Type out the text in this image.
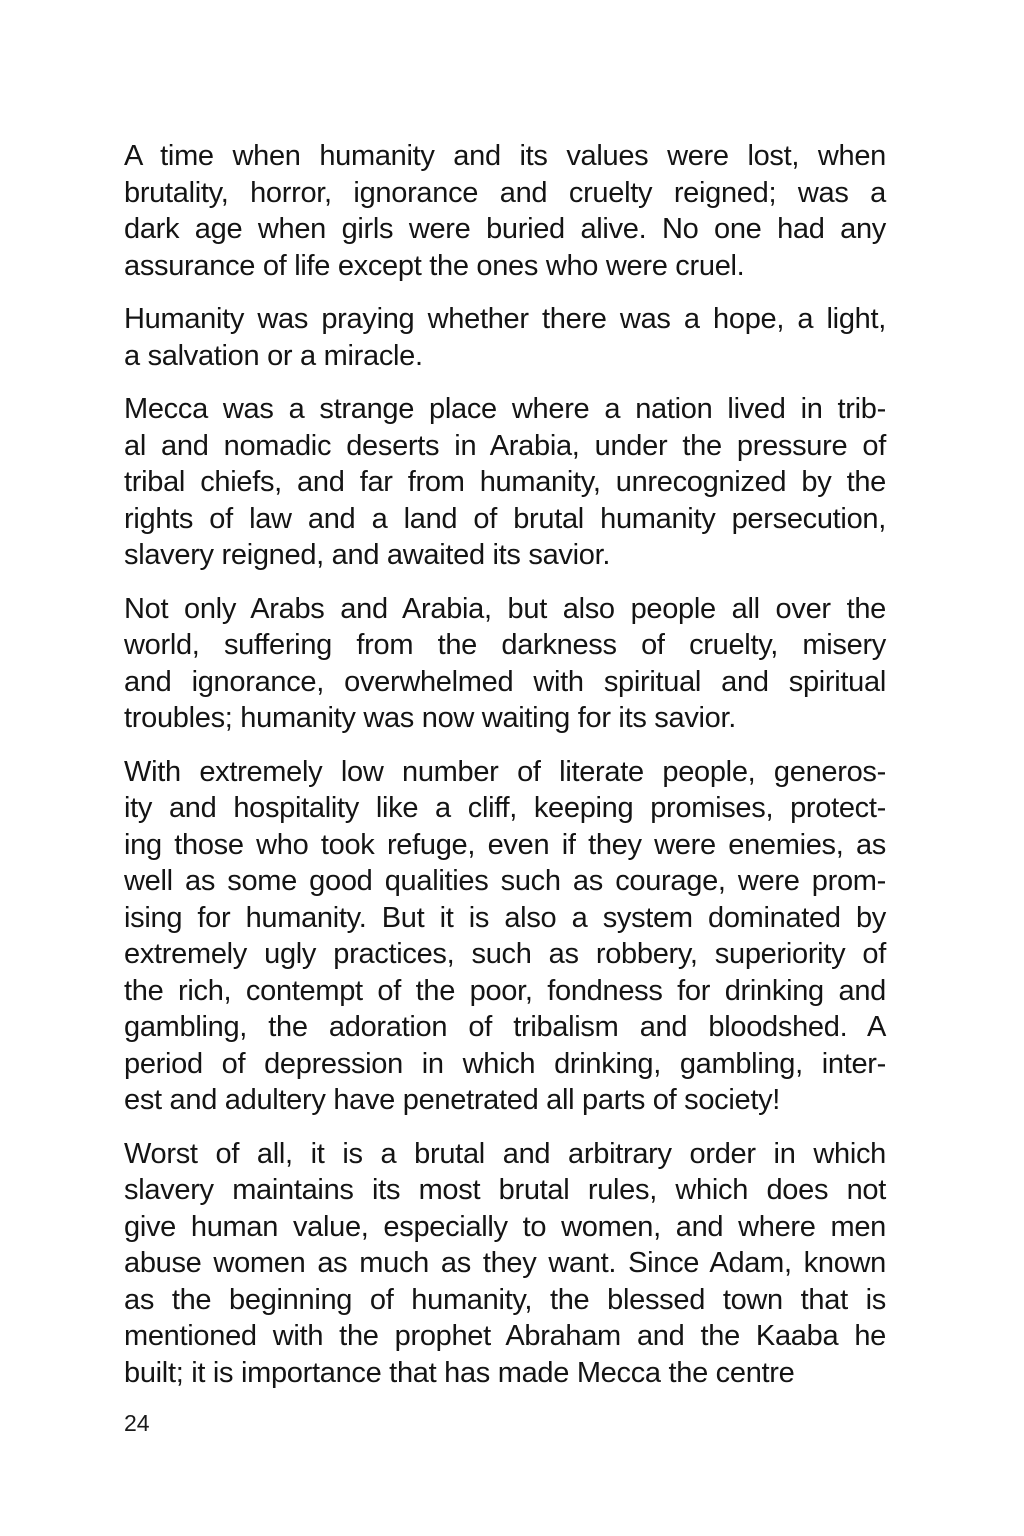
A time when humanity and its values were lost, when
brutality, horror, ignorance and cruelty reigned; was a
dark age when girls were buried alive. No one had any
assurance of life except the ones who were cruel.

Humanity was praying whether there was a hope, a light,
a salvation or a miracle.

Mecca was a strange place where a nation lived in trib-
al and nomadic deserts in Arabia, under the pressure of
tribal chiefs, and far from humanity, unrecognized by the
rights of law and a land of brutal humanity persecution,
slavery reigned, and awaited its savior.

Not only Arabs and Arabia, but also people all over the
world, suffering from the darkness of cruelty, misery
and ignorance, overwhelmed with spiritual and spiritual
troubles; humanity was now waiting for its savior.

With extremely low number of literate people, generos-
ity and hospitality like a cliff, keeping promises, protect-
ing those who took refuge, even if they were enemies, as
well as some good qualities such as courage, were prom-
ising for humanity. But it is also a system dominated by
extremely ugly practices, such as robbery, superiority of
the rich, contempt of the poor, fondness for drinking and
gambling, the adoration of tribalism and bloodshed. A
period of depression in which drinking, gambling, inter-
est and adultery have penetrated all parts of society!

Worst of all, it is a brutal and arbitrary order in which
slavery maintains its most brutal rules, which does not
give human value, especially to women, and where men
abuse women as much as they want. Since Adam, known
as the beginning of humanity, the blessed town that is
mentioned with the prophet Abraham and the Kaaba he
built; it is importance that has made Mecca the centre

24
